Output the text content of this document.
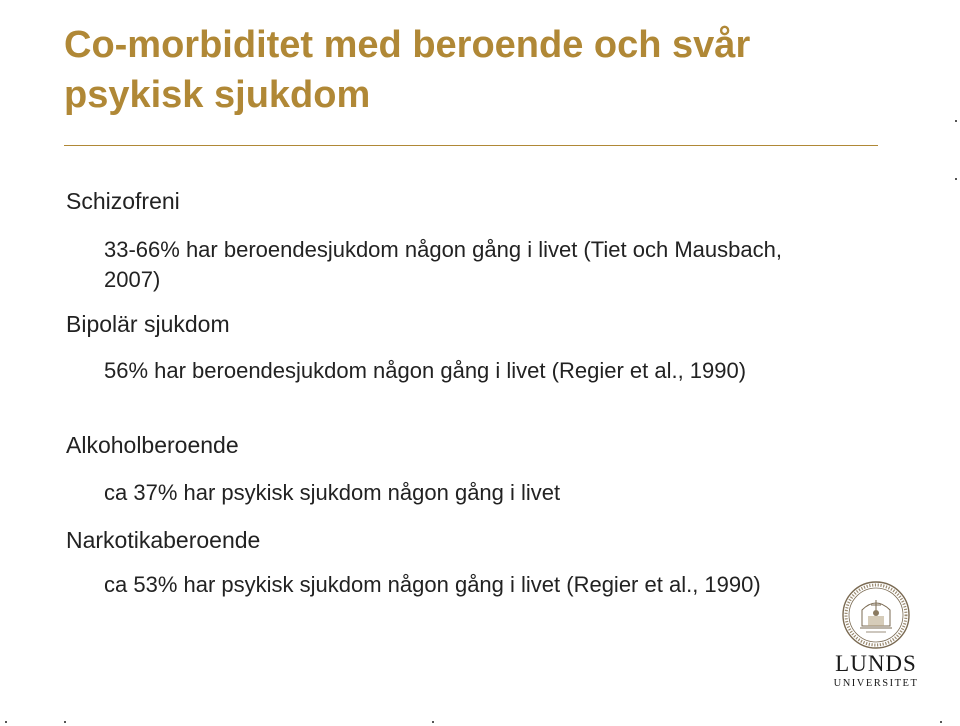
Co-morbiditet med beroende och svår psykisk sjukdom

Schizofreni

33-66% har beroendesjukdom någon gång i livet (Tiet och Mausbach, 2007)

Bipolär sjukdom

56% har beroendesjukdom någon gång i livet (Regier et al., 1990)

Alkoholberoende

ca 37% har psykisk sjukdom någon gång i livet

Narkotikaberoende

ca 53% har psykisk sjukdom någon gång i livet (Regier et al., 1990)

LUNDS
UNIVERSITET
